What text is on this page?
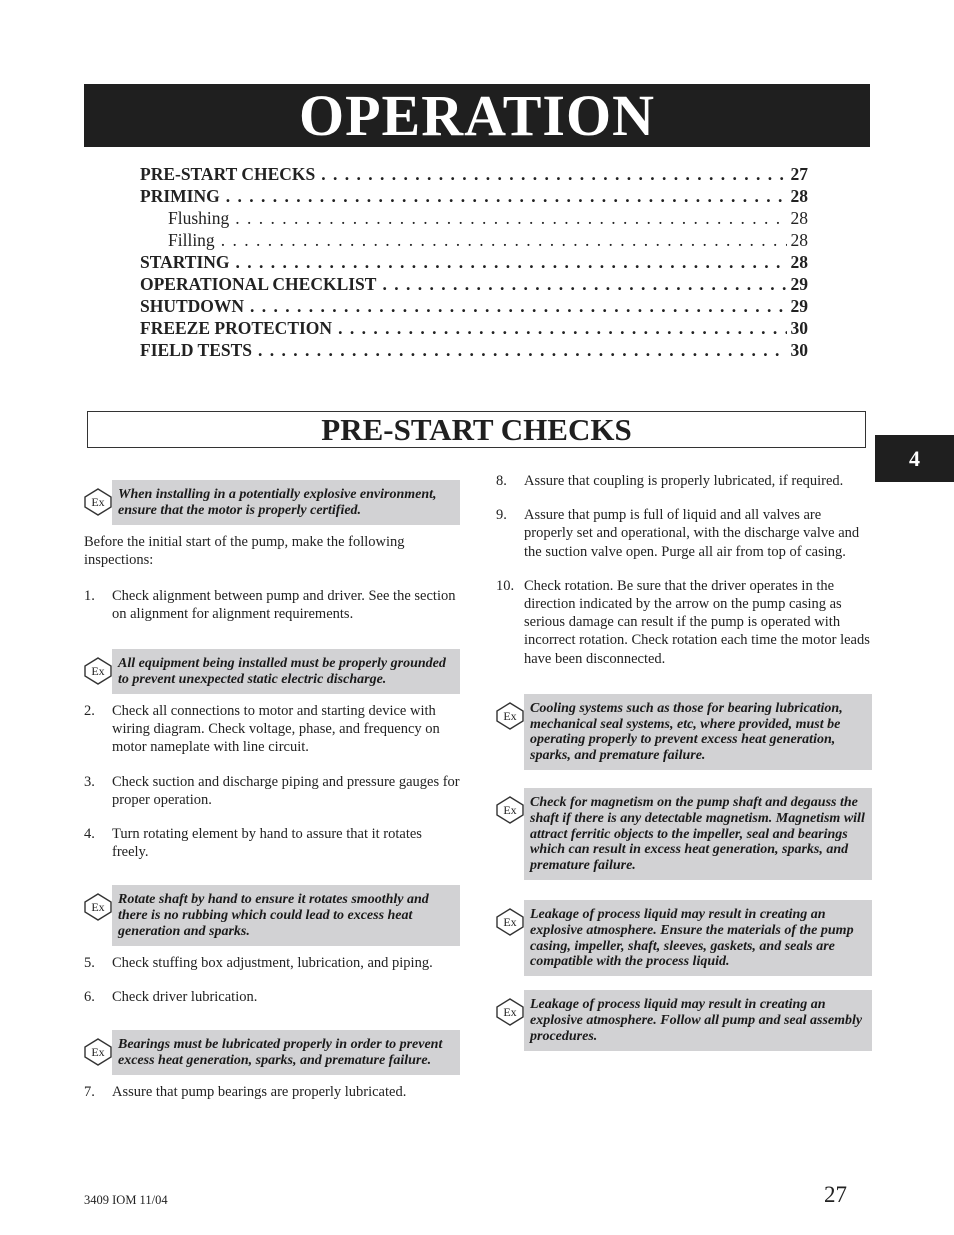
OPERATION
PRE-START CHECKS . . .	27
PRIMING . . .	28
Flushing . . .	28
Filling . . .	28
STARTING . . .	28
OPERATIONAL CHECKLIST . . .	29
SHUTDOWN . . .	29
FREEZE PROTECTION . . .	30
FIELD TESTS . . .	30
PRE-START CHECKS
4
Ex When installing in a potentially explosive environment, ensure that the motor is properly certified.
Before the initial start of the pump, make the following inspections:
1.	Check alignment between pump and driver. See the section on alignment for alignment requirements.
Ex All equipment being installed must be properly grounded to prevent unexpected static electric discharge.
2.	Check all connections to motor and starting device with wiring diagram. Check voltage, phase, and frequency on motor nameplate with line circuit.
3.	Check suction and discharge piping and pressure gauges for proper operation.
4.	Turn rotating element by hand to assure that it rotates freely.
Ex Rotate shaft by hand to ensure it rotates smoothly and there is no rubbing which could lead to excess heat generation and sparks.
5.	Check stuffing box adjustment, lubrication, and piping.
6.	Check driver lubrication.
Ex Bearings must be lubricated properly in order to prevent excess heat generation, sparks, and premature failure.
7.	Assure that pump bearings are properly lubricated.
8.	Assure that coupling is properly lubricated, if required.
9.	Assure that pump is full of liquid and all valves are properly set and operational, with the discharge valve and the suction valve open. Purge all air from top of casing.
10. Check rotation. Be sure that the driver operates in the direction indicated by the arrow on the pump casing as serious damage can result if the pump is operated with incorrect rotation. Check rotation each time the motor leads have been disconnected.
Ex Cooling systems such as those for bearing lubrication, mechanical seal systems, etc, where provided, must be operating properly to prevent excess heat generation, sparks, and premature failure.
Ex Check for magnetism on the pump shaft and degauss the shaft if there is any detectable magnetism. Magnetism will attract ferritic objects to the impeller, seal and bearings which can result in excess heat generation, sparks, and premature failure.
Ex Leakage of process liquid may result in creating an explosive atmosphere. Ensure the materials of the pump casing, impeller, shaft, sleeves, gaskets, and seals are compatible with the process liquid.
Ex Leakage of process liquid may result in creating an explosive atmosphere. Follow all pump and seal assembly procedures.
3409 IOM 11/04	27
